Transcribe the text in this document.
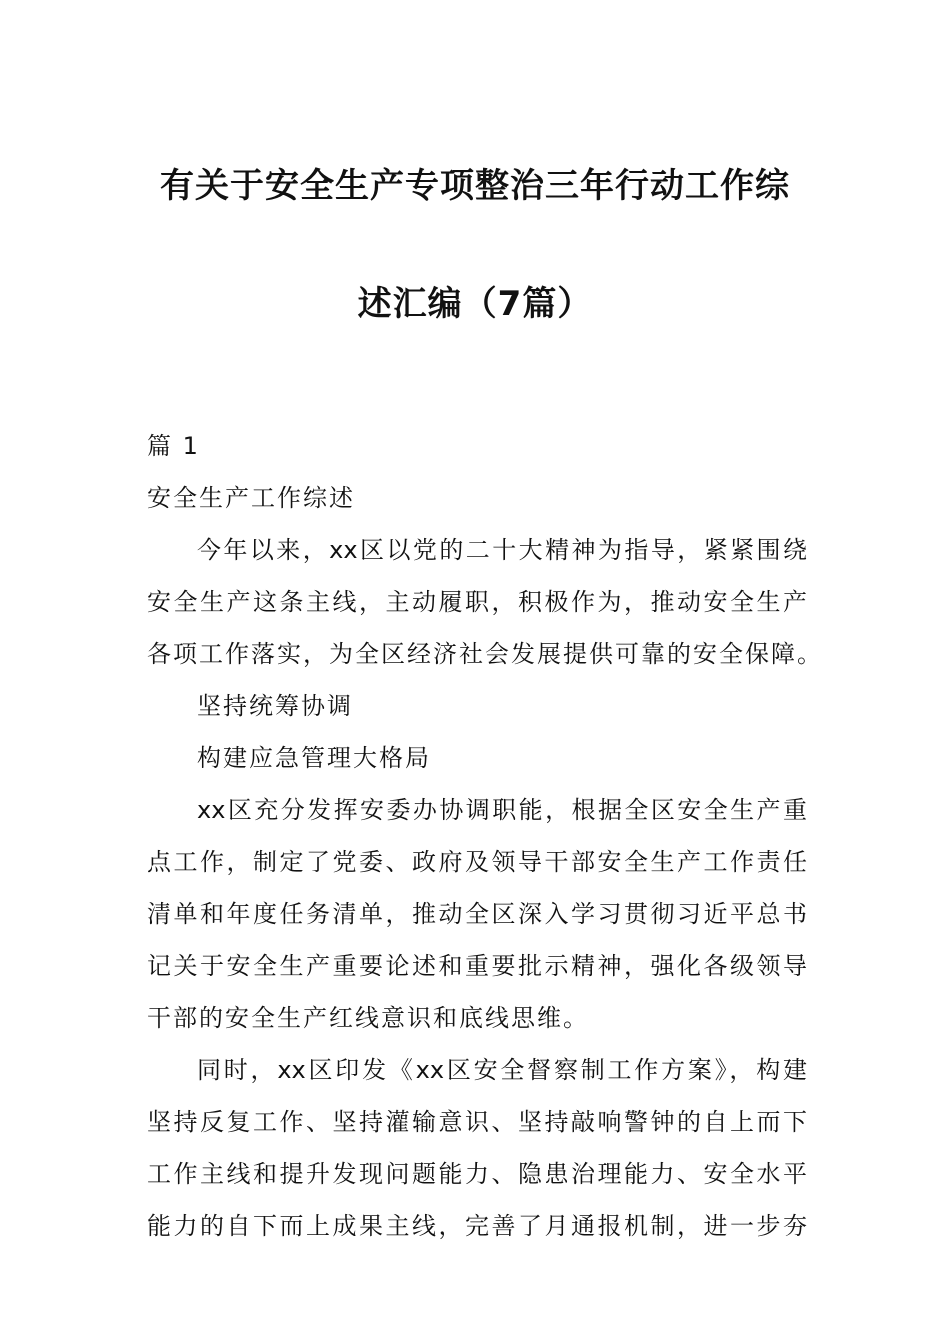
有关于安全生产专项整治三年行动工作综
述汇编（7篇）
篇 1
安全生产工作综述
今年以来，xx区以党的二十大精神为指导，紧紧围绕
安全生产这条主线，主动履职，积极作为，推动安全生产
各项工作落实，为全区经济社会发展提供可靠的安全保障。
坚持统筹协调
构建应急管理大格局
xx区充分发挥安委办协调职能，根据全区安全生产重
点工作，制定了党委、政府及领导干部安全生产工作责任
清单和年度任务清单，推动全区深入学习贯彻习近平总书
记关于安全生产重要论述和重要批示精神，强化各级领导
干部的安全生产红线意识和底线思维。
同时，xx区印发《xx区安全督察制工作方案》，构建
坚持反复工作、坚持灌输意识、坚持敲响警钟的自上而下
工作主线和提升发现问题能力、隐患治理能力、安全水平
能力的自下而上成果主线，完善了月通报机制，进一步夯
